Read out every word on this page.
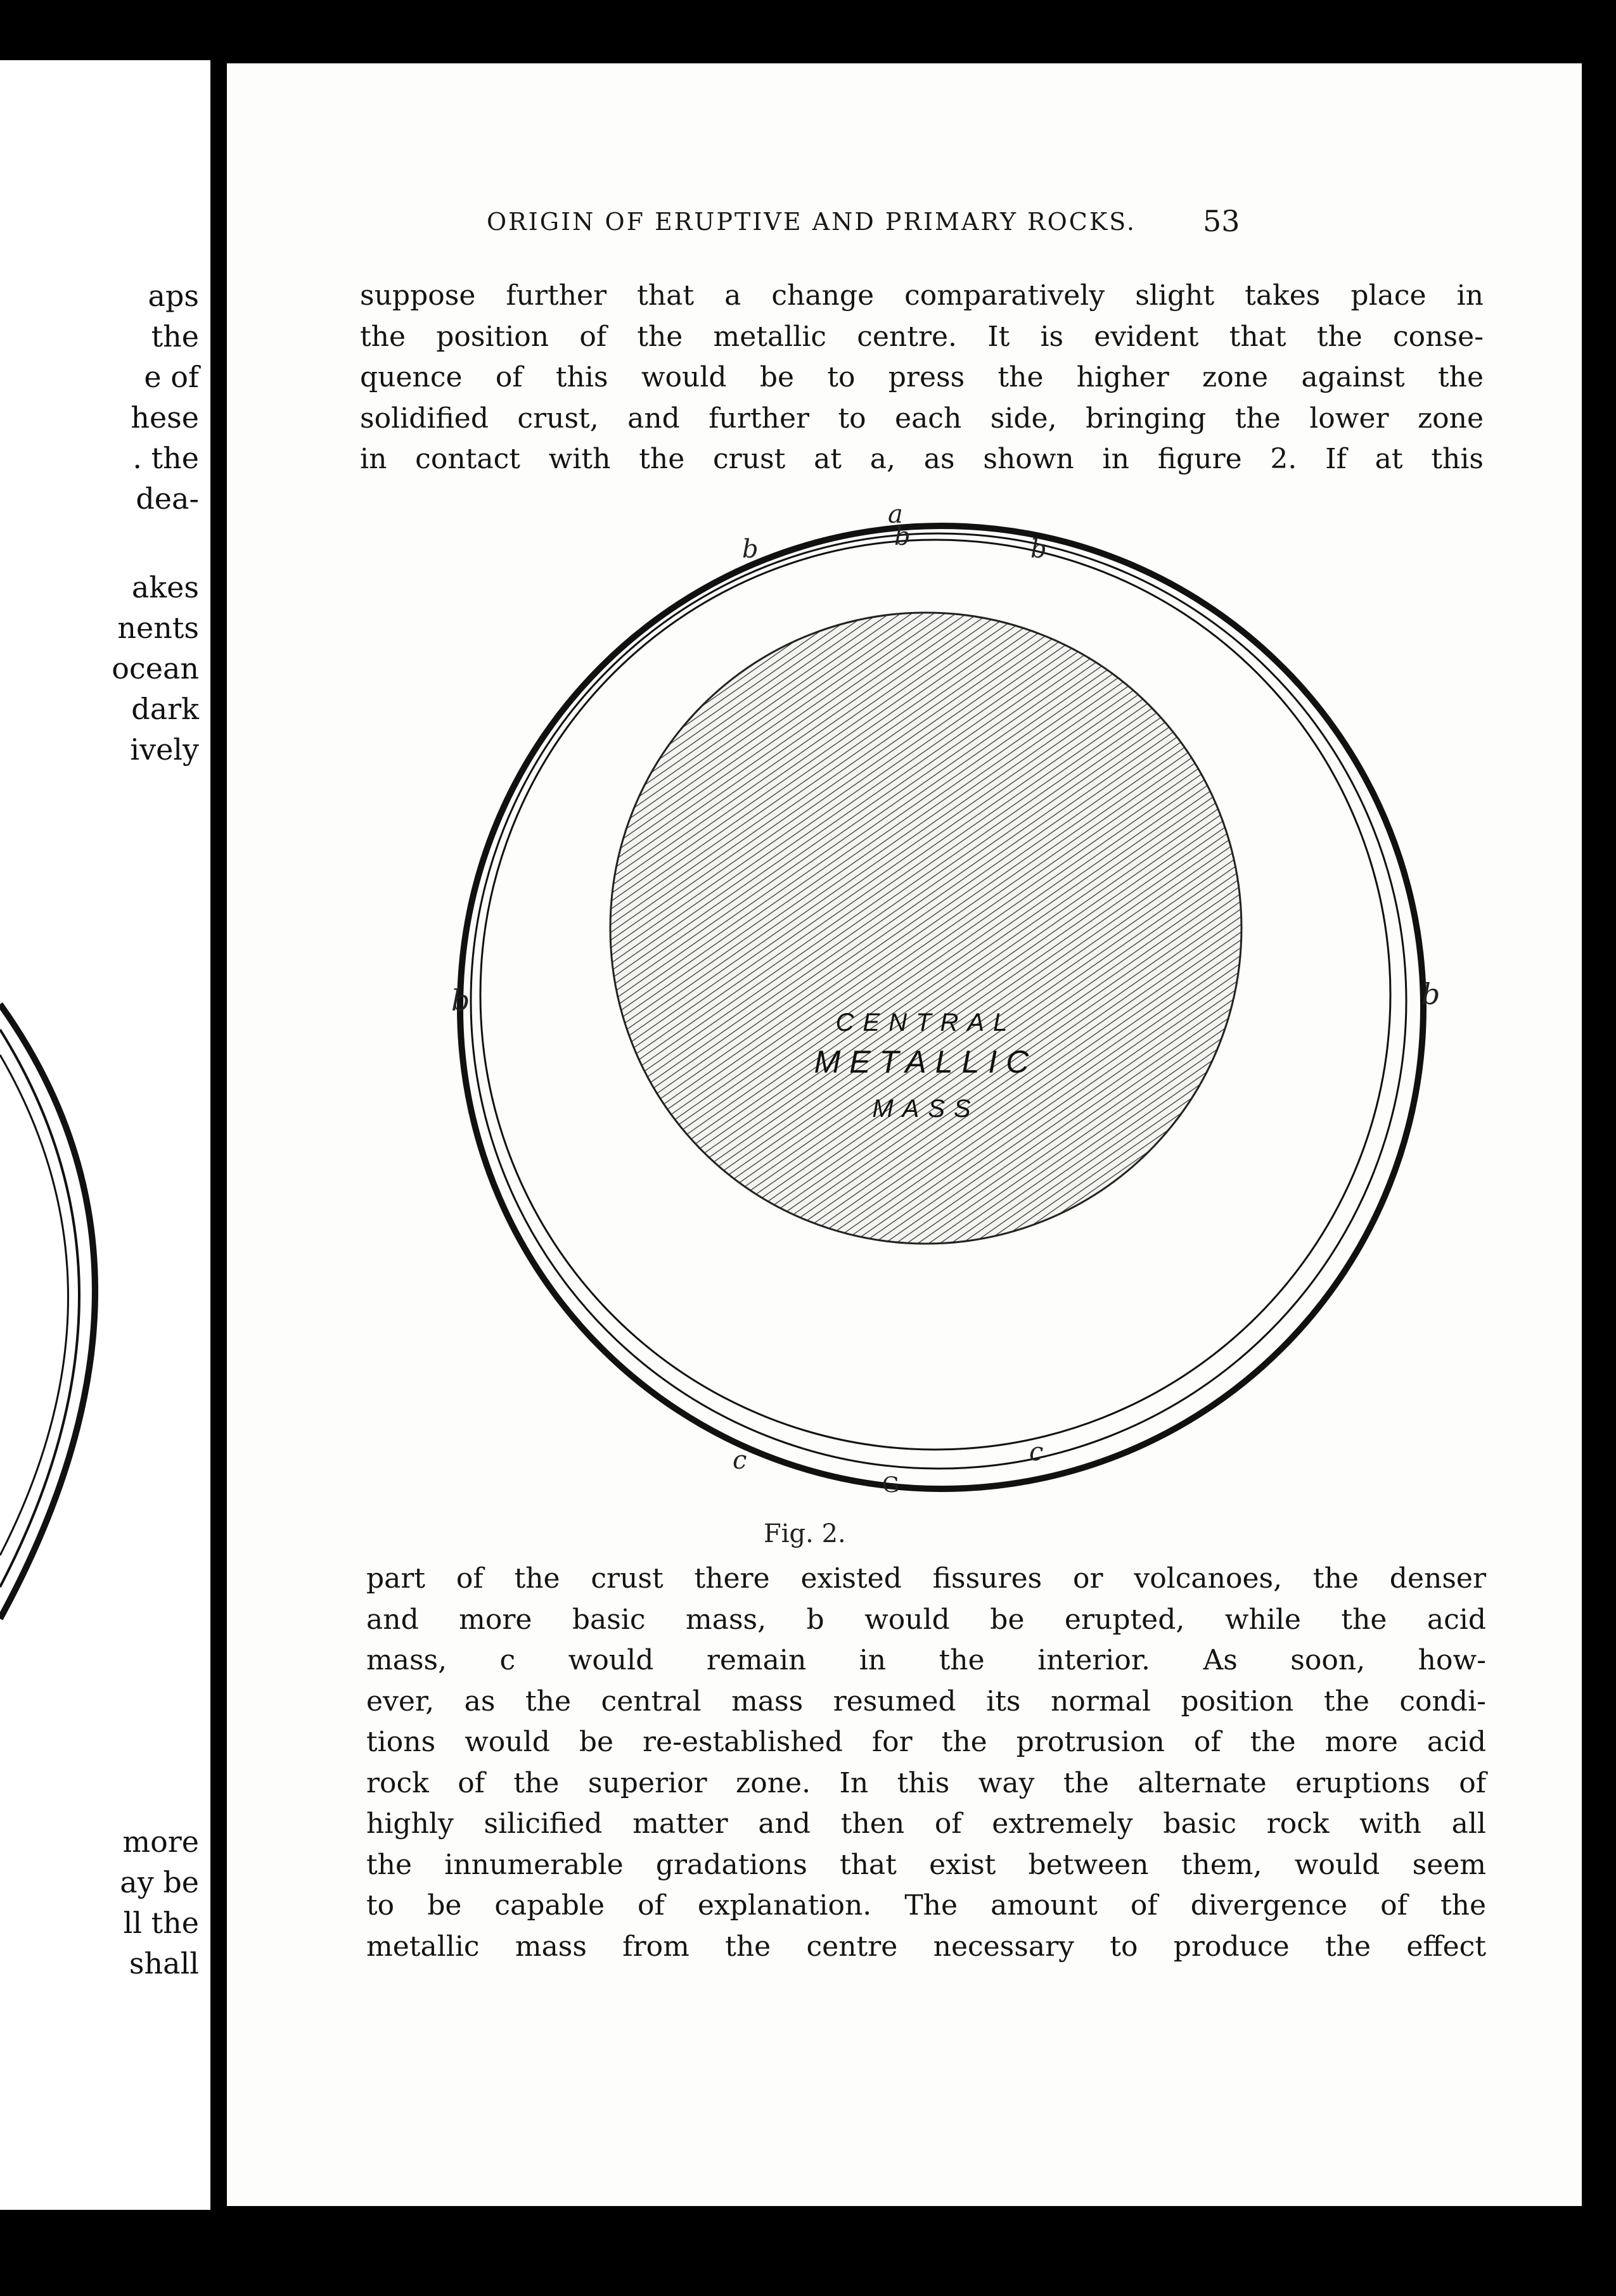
aps
the
e of
hese
. the
dea-
akes
nents
ocean
dark
ively
more
ay be
ll the
shall
ORIGIN OF ERUPTIVE AND PRIMARY ROCKS. 53

suppose further that a change comparatively slight takes place in
the position of the metallic centre. It is evident that the conse-
quence of this would be to press the higher zone against the
solidified crust, and further to each side, bringing the lower zone
in contact with the crust at a, as shown in figure 2. If at this

CENTRAL
METALLIC
MASS
a
b
b	b
b	b
c	c
G
Fig. 2.

part of the crust there existed fissures or volcanoes, the denser
and more basic mass, b would be erupted, while the acid
mass, c would remain in the interior. As soon, how-
ever, as the central mass resumed its normal position the condi-
tions would be re-established for the protrusion of the more acid
rock of the superior zone. In this way the alternate eruptions of
highly silicified matter and then of extremely basic rock with all
the innumerable gradations that exist between them, would seem
to be capable of explanation. The amount of divergence of the
metallic mass from the centre necessary to produce the effect
